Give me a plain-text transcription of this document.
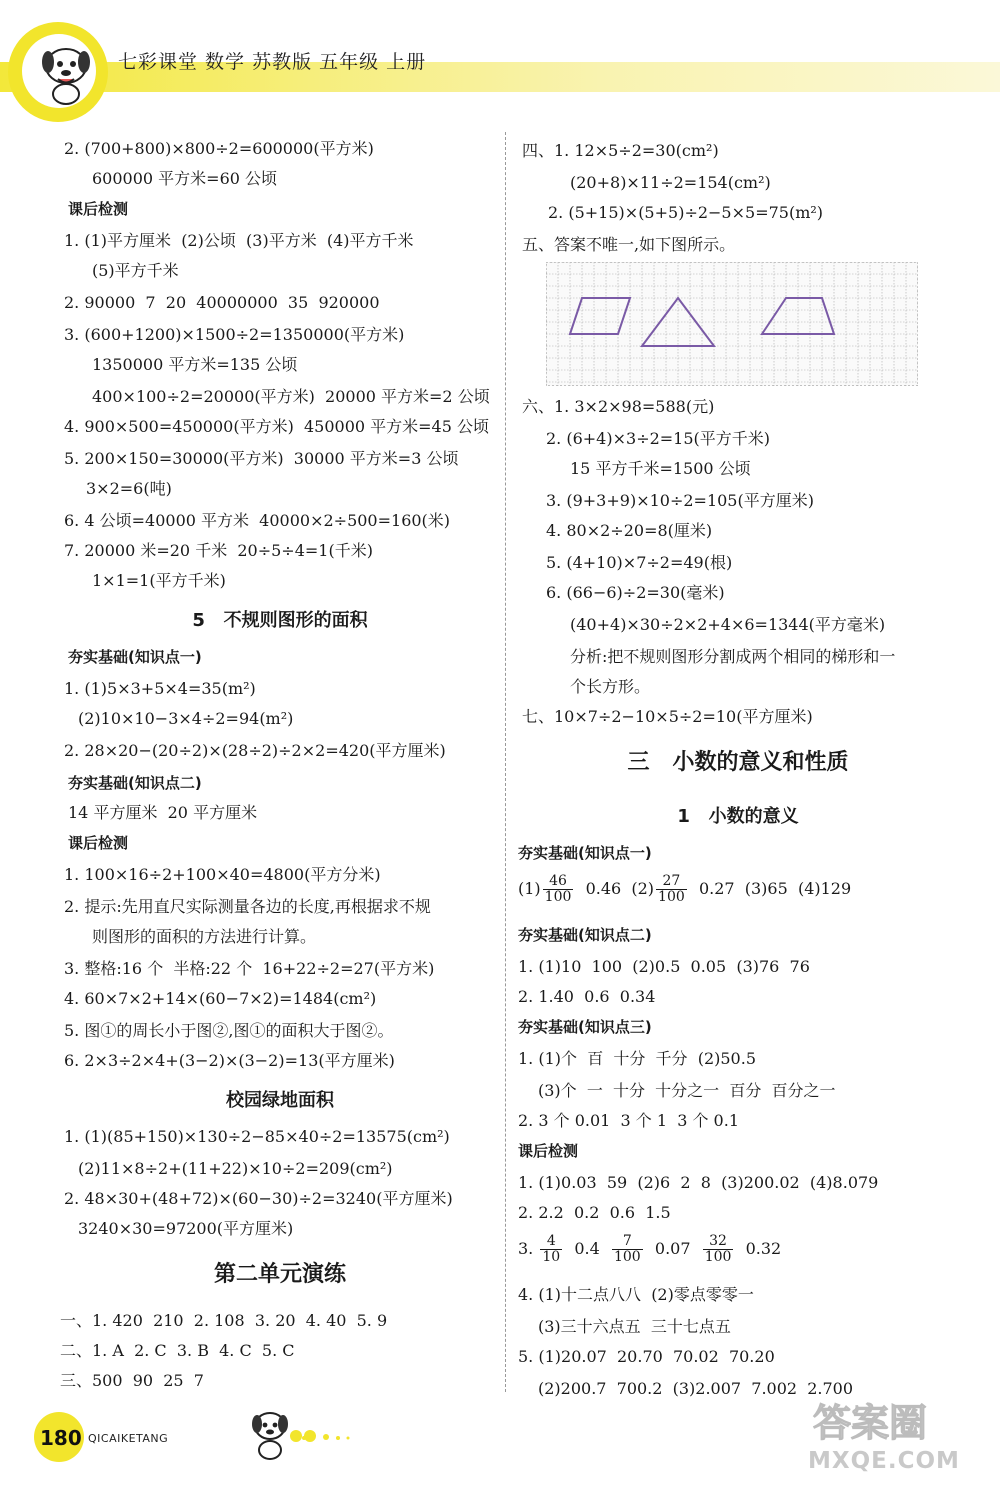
七彩课堂 数学 苏教版 五年级 上册
2. (700+800)×800÷2=600000(平方米)
600000 平方米=60 公顷
课后检测
1. (1)平方厘米  (2)公顷  (3)平方米  (4)平方千米
(5)平方千米
2. 90000  7  20  40000000  35  920000
3. (600+1200)×1500÷2=1350000(平方米)
1350000 平方米=135 公顷
400×100÷2=20000(平方米)  20000 平方米=2 公顷
4. 900×500=450000(平方米)  450000 平方米=45 公顷
5. 200×150=30000(平方米)  30000 平方米=3 公顷
3×2=6(吨)
6. 4 公顷=40000 平方米  40000×2÷500=160(米)
7. 20000 米=20 千米  20÷5÷4=1(千米)
1×1=1(平方千米)
5   不规则图形的面积
夯实基础(知识点一)
1. (1)5×3+5×4=35(m²)
(2)10×10−3×4÷2=94(m²)
2. 28×20−(20÷2)×(28÷2)÷2×2=420(平方厘米)
夯实基础(知识点二)
14 平方厘米  20 平方厘米
课后检测
1. 100×16÷2+100×40=4800(平方分米)
2. 提示:先用直尺实际测量各边的长度,再根据求不规
则图形的面积的方法进行计算。
3. 整格:16 个  半格:22 个  16+22÷2=27(平方米)
4. 60×7×2+14×(60−7×2)=1484(cm²)
5. 图①的周长小于图②,图①的面积大于图②。
6. 2×3÷2×4+(3−2)×(3−2)=13(平方厘米)
校园绿地面积
1. (1)(85+150)×130÷2−85×40÷2=13575(cm²)
(2)11×8÷2+(11+22)×10÷2=209(cm²)
2. 48×30+(48+72)×(60−30)÷2=3240(平方厘米)
3240×30=97200(平方厘米)
第二单元演练
一、1. 420  210  2. 108  3. 20  4. 40  5. 9
二、1. A  2. C  3. B  4. C  5. C
三、500  90  25  7
四、1. 12×5÷2=30(cm²)
(20+8)×11÷2=154(cm²)
2. (5+15)×(5+5)÷2−5×5=75(m²)
五、答案不唯一,如下图所示。
六、1. 3×2×98=588(元)
2. (6+4)×3÷2=15(平方千米)
15 平方千米=1500 公顷
3. (9+3+9)×10÷2=105(平方厘米)
4. 80×2÷20=8(厘米)
5. (4+10)×7÷2=49(根)
6. (66−6)÷2=30(毫米)
(40+4)×30÷2×2+4×6=1344(平方毫米)
分析:把不规则图形分割成两个相同的梯形和一
个长方形。
七、10×7÷2−10×5÷2=10(平方厘米)
三   小数的意义和性质
1   小数的意义
夯实基础(知识点一)
$(1) \frac{46}{100} 0.46$  $(2) \frac{27}{100} 0.27$  (3)65  (4)129
夯实基础(知识点二)
1. (1)10  100  (2)0.5  0.05  (3)76  76
2. 1.40  0.6  0.34
夯实基础(知识点三)
1. (1)个  百  十分  千分  (2)50.5
(3)个  一  十分  十分之一  百分  百分之一
2. 3 个 0.01  3 个 1  3 个 0.1
课后检测
1. (1)0.03  59  (2)6  2  8  (3)200.02  (4)8.079
2. 2.2  0.2  0.6  1.5
3. $\frac{4}{10} 0.4 \frac{7}{100} 0.07 \frac{32}{100} 0.32$
4. (1)十二点八八  (2)零点零零一
(3)三十六点五  三十七点五
5. (1)20.07  20.70  70.02  70.20
(2)200.7  700.2  (3)2.007  7.002  2.700
180 QICAIKETANG	答案圈
MXQE.COM
